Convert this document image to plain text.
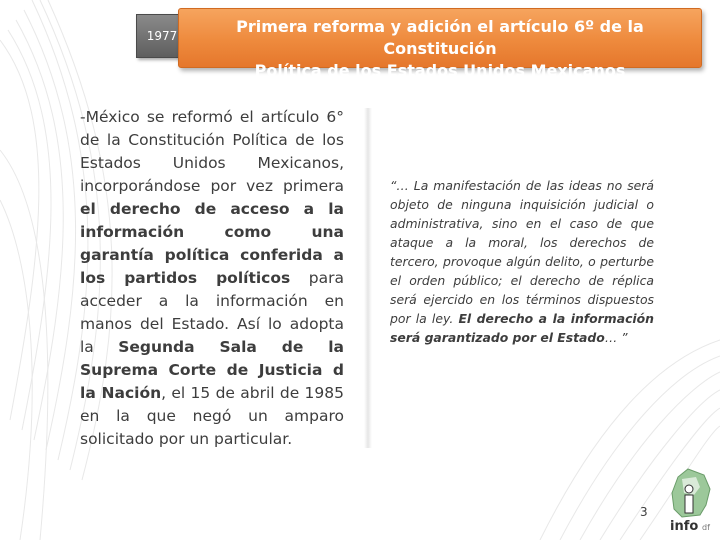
1977	Primera reforma y adición el artículo 6º de la Constitución
Política de los Estados Unidos Mexicanos
-México se reformó el artículo 6° de la Constitución Política de los Estados Unidos Mexicanos, incorporándose por vez primera el derecho de acceso a la información como una garantía política conferida a los partidos políticos para acceder a la información en manos del Estado. Así lo adopta la Segunda Sala de la Suprema Corte de Justicia d la Nación, el 15 de abril de 1985 en la que negó un amparo solicitado por un particular.
“… La manifestación de las ideas no será objeto de ninguna inquisición judicial o administrativa, sino en el caso de que ataque a la moral, los derechos de tercero, provoque algún delito, o perturbe el orden público; el derecho de réplica será ejercido en los términos dispuestos por la ley. El derecho a la información será garantizado por el Estado… ”
3
info df
